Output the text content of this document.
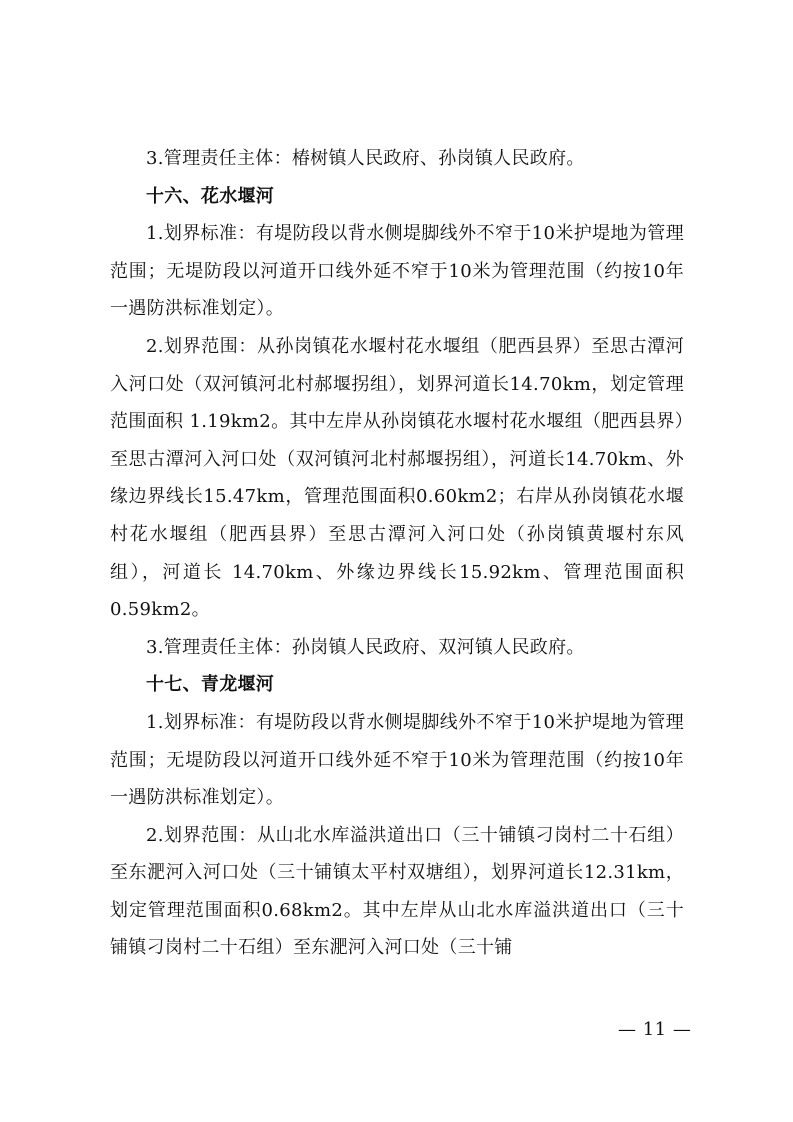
3.管理责任主体：椿树镇人民政府、孙岗镇人民政府。

十六、花水堰河

1.划界标准：有堤防段以背水侧堤脚线外不窄于10米护堤地为管理范围；无堤防段以河道开口线外延不窄于10米为管理范围（约按10年一遇防洪标准划定）。

2.划界范围：从孙岗镇花水堰村花水堰组（肥西县界）至思古潭河入河口处（双河镇河北村郝堰拐组），划界河道长14.70km，划定管理范围面积 1.19km2。其中左岸从孙岗镇花水堰村花水堰组（肥西县界）至思古潭河入河口处（双河镇河北村郝堰拐组），河道长14.70km、外缘边界线长15.47km，管理范围面积0.60km2；右岸从孙岗镇花水堰村花水堰组（肥西县界）至思古潭河入河口处（孙岗镇黄堰村东风组），河道长 14.70km、外缘边界线长15.92km、管理范围面积0.59km2。

3.管理责任主体：孙岗镇人民政府、双河镇人民政府。

十七、青龙堰河

1.划界标准：有堤防段以背水侧堤脚线外不窄于10米护堤地为管理范围；无堤防段以河道开口线外延不窄于10米为管理范围（约按10年一遇防洪标准划定）。

2.划界范围：从山北水库溢洪道出口（三十铺镇刁岗村二十石组）至东淝河入河口处（三十铺镇太平村双塘组），划界河道长12.31km，划定管理范围面积0.68km2。其中左岸从山北水库溢洪道出口（三十铺镇刁岗村二十石组）至东淝河入河口处（三十铺

— 11 —
